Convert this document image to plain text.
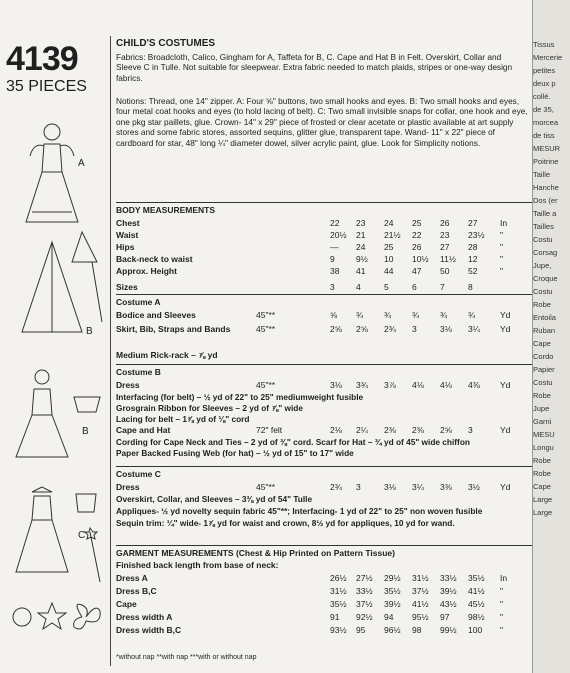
4139
35 PIECES
A
B
B
C
CHILD'S COSTUMES
Fabrics: Broadcloth, Calico, Gingham for A, Taffeta for B, C. Cape and Hat B in Felt. Overskirt, Collar and Sleeve C in Tulle. Not suitable for sleepwear. Extra fabric needed to match plaids, stripes or one-way design fabrics.
Notions: Thread, one 14" zipper. A: Four ⅝" buttons, two small hooks and eyes. B: Two small hooks and eyes, four metal coat hooks and eyes (to hold lacing of belt). C: Two small invisible snaps for collar, one hook and eye, one pkg star paillets, glue. Crown- 14" x 29" piece of frosted or clear acetate or plastic available at art supply stores and some fabric stores, assorted sequins, glitter glue, transparent tape. Wand- 11" x 22" piece of cardboard for star, 48" long ¼" diameter dowel, silver acrylic paint, glue. Look for Simplicity notions.
BODY MEASUREMENTS
Chest	22 23 24 25 26 27	In
Waist	20½ 21 21½ 22 23 23½ "
Hips	— 24 25 26 27 28	"
Back-neck to waist	9	9½ 10 10½ 11½ 12	"
Approx. Height	38 41 44 47 50 52	"
Sizes	3	4	5	6	7	8
Costume A
Bodice and Sleeves	45"**	⅝ ¾ ¾ ¾ ¾ ¾	Yd
Skirt, Bib, Straps and Bands	45"**	2⅝ 2⅝ 2¾ 3	3⅛ 3¼ Yd
Medium Rick-rack – ⅞ yd
Costume B
Dress	45"**	3⅛ 3¾ 3⅞ 4⅛ 4⅛ 4⅜ Yd
Interfacing (for belt) – ½ yd of 22" to 25" mediumweight fusible
Grosgrain Ribbon for Sleeves – 2 yd of ⅞" wide
Lacing for belt – 1⅞ yd of ⅛" cord
Cape and Hat	72" felt	2⅛ 2¼ 2⅜ 2⅜ 2⅝ 3	Yd
Cording for Cape Neck and Ties – 2 yd of ⅜" cord. Scarf for Hat – ¾ yd of 45" wide chiffon
Paper Backed Fusing Web (for hat) – ½ yd of 15" to 17" wide
Costume C
Dress	45"**	2¾ 3	3⅛ 3¼ 3⅜ 3½ Yd
Overskirt, Collar, and Sleeves – 3⅜ yd of 54" Tulle
Appliques- ½ yd novelty sequin fabric 45"**; Interfacing- 1 yd of 22" to 25" non woven fusible
Sequin trim: ¼" wide- 1⅞ yd for waist and crown, 8½ yd for appliques, 10 yd for wand.
GARMENT MEASUREMENTS (Chest & Hip Printed on Pattern Tissue)
Finished back length from base of neck:
Dress A	26½ 27½ 29½ 31½ 33½ 35½ In
Dress B,C	31½ 33½ 35½ 37½ 39½ 41½ "
Cape	35½ 37½ 39½ 41½ 43½ 45½ "
Dress width A	91 92½ 94 95½ 97 98½ "
Dress width B,C	93½ 95 96½ 98 99½ 100 "
*without nap **with nap ***with or without nap
Tissus
Mercerie
petites
deux p
collé.
de 35,
morcea
de tiss
MESUR
Poitrine
Taille
Hanche
Dos (er
Taille a
Tailles
Costu
Corsag
Jupe,
Croque
Costu
Robe
Entoila
Ruban
Cape
Cordo
Papier
Costu
Robe
Jupe
Garni
MESU
Longu
Robe
Robe
Cape
Large
Large
